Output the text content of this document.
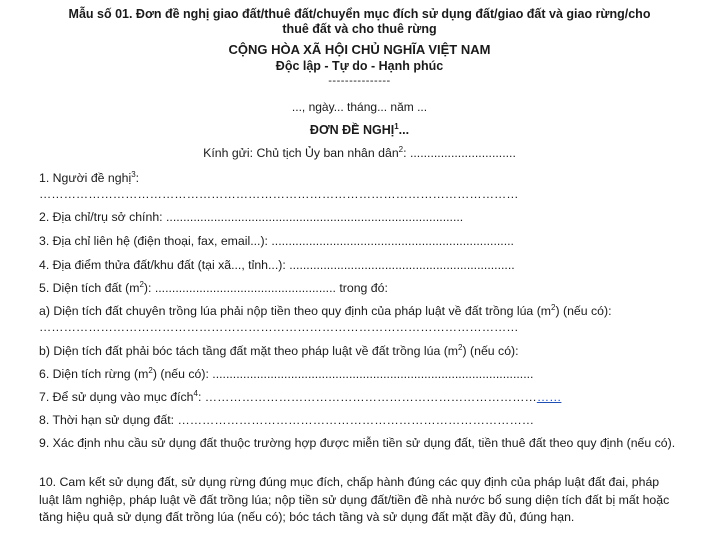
Mẫu số 01. Đơn đề nghị giao đất/thuê đất/chuyển mục đích sử dụng đất/giao đất và giao rừng/cho
thuê đất và cho thuê rừng
CỘNG HÒA XÃ HỘI CHỦ NGHĨA VIỆT NAM
Độc lập - Tự do - Hạnh phúc
---------------
..., ngày... tháng... năm ...
ĐƠN ĐỀ NGHỊ$^1$...
Kính gửi: Chủ tịch Ủy ban nhân dân$^2$: ...............................
1. Người đề nghị$^3$:
………………………………………………………………………………………………………
2. Địa chỉ/trụ sở chính: .......................................................................................
3. Địa chỉ liên hệ (điện thoại, fax, email...): .......................................................................
4. Địa điểm thửa đất/khu đất (tại xã..., tỉnh...): ..................................................................
5. Diện tích đất $(m^2)$: ..................................................... trong đó:
a) Diện tích đất chuyên trồng lúa phải nộp tiền theo quy định của pháp luật về đất trồng lúa $(m^2)$ (nếu có):
………………………………………………………………………………………………………
b) Diện tích đất phải bóc tách tầng đất mặt theo pháp luật về đất trồng lúa $(m^2)$ (nếu có):
6. Diện tích rừng $(m^2)$ (nếu có): ..............................................................................................
7. Để sử dụng vào mục đích$^4$: ……………………………………………………………………………
8. Thời hạn sử dụng đất: ……………………………………………………………………………
9. Xác định nhu cầu sử dụng đất thuộc trường hợp được miễn tiền sử dụng đất, tiền thuê đất theo quy định (nếu có).
10. Cam kết sử dụng đất, sử dụng rừng đúng mục đích, chấp hành đúng các quy định của pháp luật đất đai, pháp luật lâm nghiệp, pháp luật về đất trồng lúa; nộp tiền sử dụng đất/tiền đề nhà nước bổ sung diện tích đất bị mất hoặc tăng hiệu quả sử dụng đất trồng lúa (nếu có); bóc tách tầng và sử dụng đất mặt đầy đủ, đúng hạn.
